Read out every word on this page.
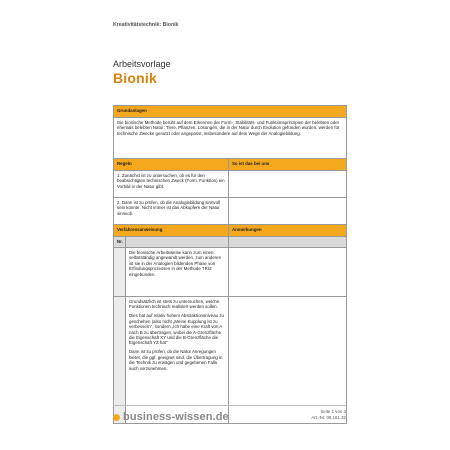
Kreativitätstechnik: Bionik
Arbeitsvorlage
Bionik
Grundanlagen		
Die bionische Methode beruht auf dem Erkennen der Form-, Stabilitäts- und Funktionsprinzipien der belebten oder ehemals belebten Natur: Tiere, Pflanzen. Lösungen, die in der Natur durch Evolution gefunden wurden, werden für technische Zwecke genutzt oder angepasst, insbesondere auf dem Wege der Analogiebildung.		
Regeln		So ist das bei uns
1. Zunächst ist zu untersuchen, ob es für den beabsichtigten technischen Zweck (Form, Funktion) ein Vorbild in der Natur gibt.		
2. Dann ist zu prüfen, ob die Analogiebildung sinnvoll sein könnte. Nicht immer ist das Abkupfern der Natur sinnvoll.		
Verfahrensanweisung		Anmerkungen
Nr.		

	Die bionische Arbeitsweise kann zum einen selbstständig angewandt werden, zum anderen ist sie in der Analogien bildenden Phase von Erfindungsprozessen in der Methode TRIZ eingebunden.	

	Grundsätzlich ist stets zu untersuchen, welche Funktionen technisch realisiert werden sollen.
Dies hat auf relativ hohem Abstraktionsniveau zu geschehen (also nicht „Meine Kupplung ist zu verbessern", sondern „Ich habe eine Kraft von A nach B zu übertragen, wobei die A-Grenzfläche die Eigenschaft XY und die B-Grenzfläche die Eigenschaft YZ hat"
Dann ist zu prüfen, ob die Natur Anregungen bietet, die ggf. geeignet sind, die Übertragung in die Technik zu erwägen und gegebenen Falls auch vorzunehmen.	

business-wissen.de	Seite 1 von 3
Art.-Nr. 06.161.32
